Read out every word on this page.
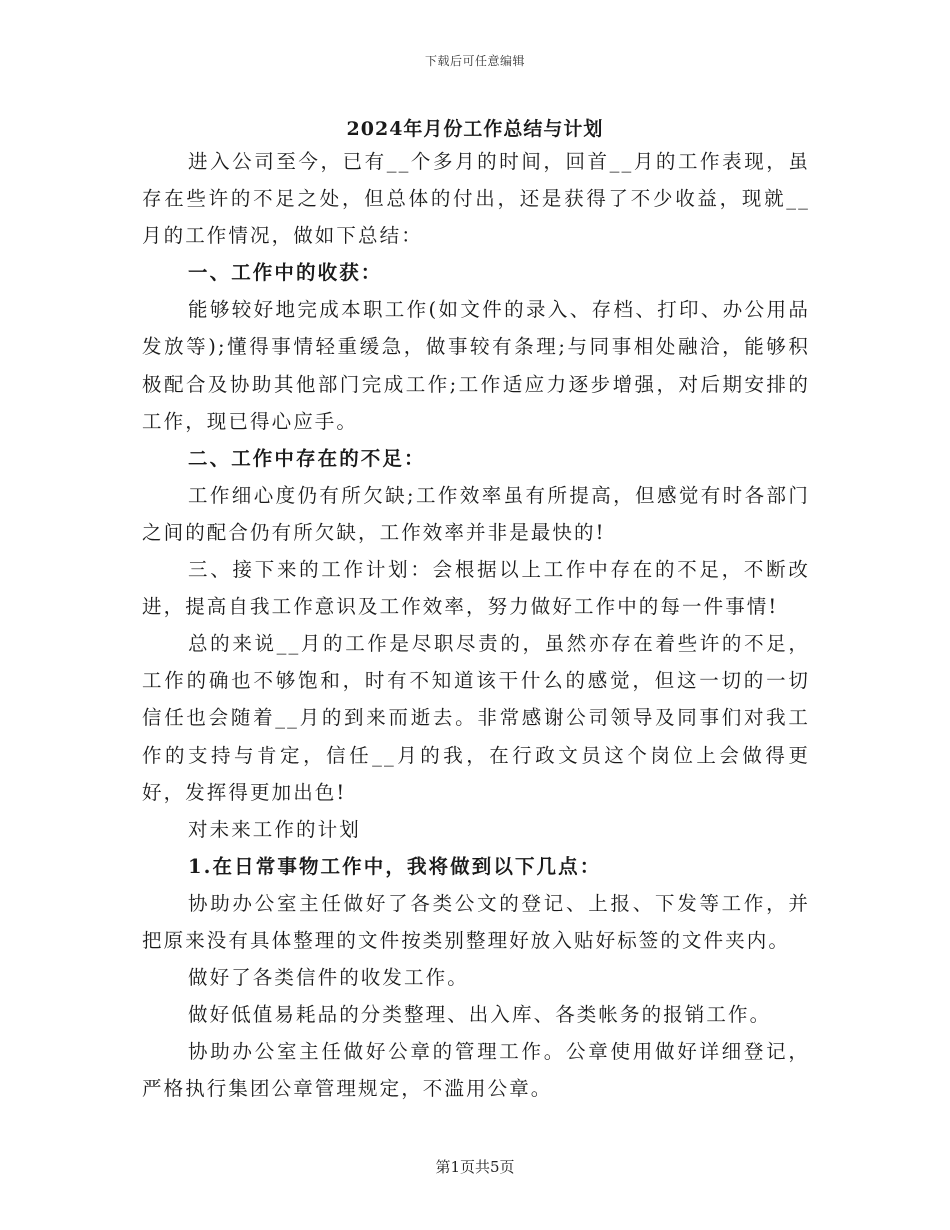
下载后可任意编辑
2024年月份工作总结与计划

进入公司至今，已有__个多月的时间，回首__月的工作表现，虽存在些许的不足之处，但总体的付出，还是获得了不少收益，现就__月的工作情况，做如下总结：

一、工作中的收获：

能够较好地完成本职工作(如文件的录入、存档、打印、办公用品发放等);懂得事情轻重缓急，做事较有条理;与同事相处融洽，能够积极配合及协助其他部门完成工作;工作适应力逐步增强，对后期安排的工作，现已得心应手。

二、工作中存在的不足：

工作细心度仍有所欠缺;工作效率虽有所提高，但感觉有时各部门之间的配合仍有所欠缺，工作效率并非是最快的!

三、接下来的工作计划：会根据以上工作中存在的不足，不断改进，提高自我工作意识及工作效率，努力做好工作中的每一件事情!

总的来说__月的工作是尽职尽责的，虽然亦存在着些许的不足，工作的确也不够饱和，时有不知道该干什么的感觉，但这一切的一切信任也会随着__月的到来而逝去。非常感谢公司领导及同事们对我工作的支持与肯定，信任__月的我，在行政文员这个岗位上会做得更好，发挥得更加出色!

对未来工作的计划

1.在日常事物工作中，我将做到以下几点：

协助办公室主任做好了各类公文的登记、上报、下发等工作，并把原来没有具体整理的文件按类别整理好放入贴好标签的文件夹内。

做好了各类信件的收发工作。

做好低值易耗品的分类整理、出入库、各类帐务的报销工作。

协助办公室主任做好公章的管理工作。公章使用做好详细登记，严格执行集团公章管理规定，不滥用公章。

第1页共5页
